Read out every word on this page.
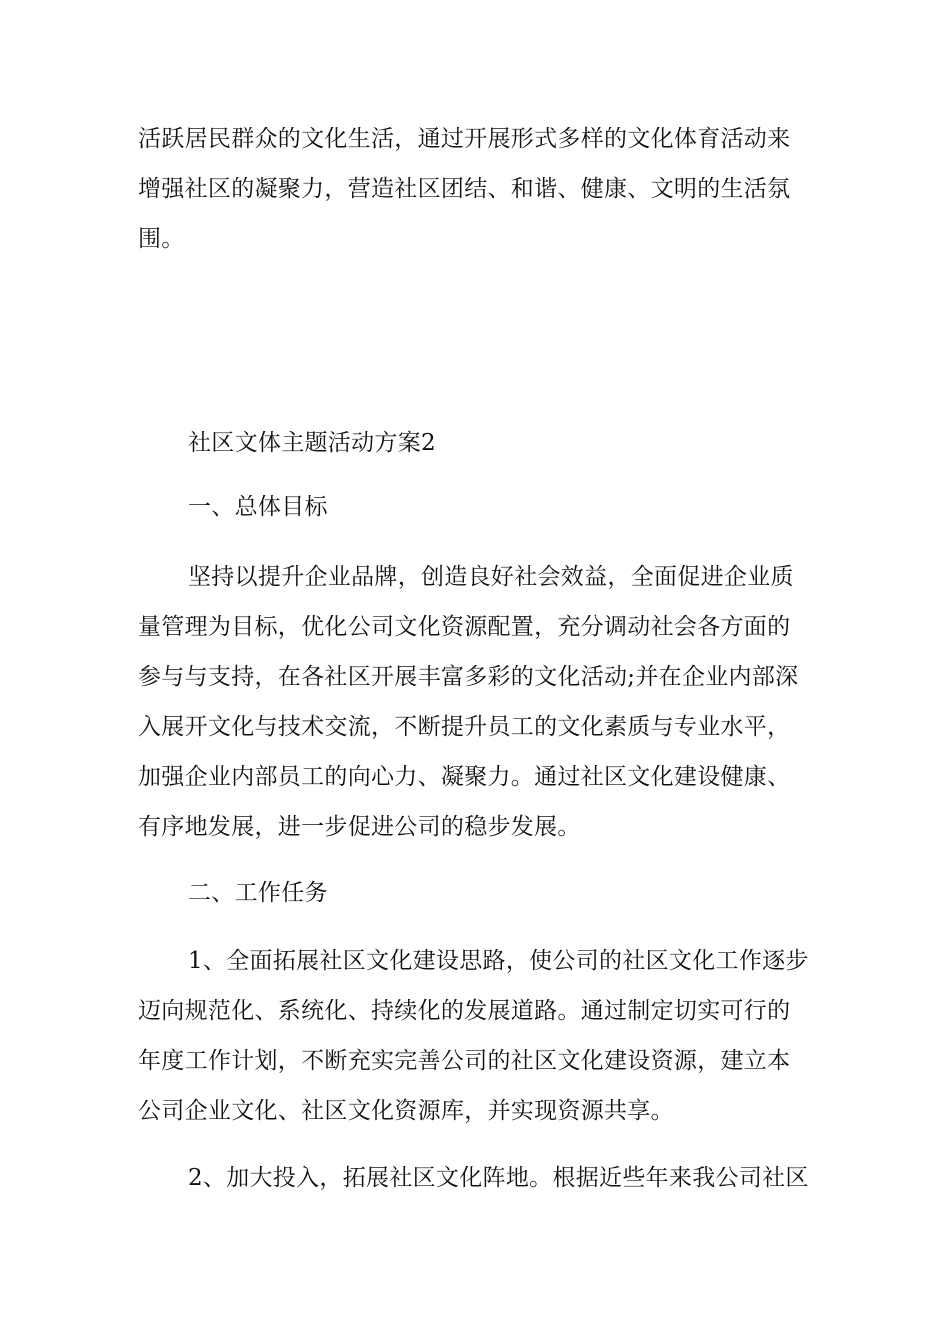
活跃居民群众的文化生活，通过开展形式多样的文化体育活动来
增强社区的凝聚力，营造社区团结、和谐、健康、文明的生活氛
围。
社区文体主题活动方案2
一、总体目标
坚持以提升企业品牌，创造良好社会效益，全面促进企业质
量管理为目标，优化公司文化资源配置，充分调动社会各方面的
参与与支持，在各社区开展丰富多彩的文化活动;并在企业内部深
入展开文化与技术交流，不断提升员工的文化素质与专业水平，
加强企业内部员工的向心力、凝聚力。通过社区文化建设健康、
有序地发展，进一步促进公司的稳步发展。
二、工作任务
1、全面拓展社区文化建设思路，使公司的社区文化工作逐步
迈向规范化、系统化、持续化的发展道路。通过制定切实可行的
年度工作计划，不断充实完善公司的社区文化建设资源，建立本
公司企业文化、社区文化资源库，并实现资源共享。
2、加大投入，拓展社区文化阵地。根据近些年来我公司社区
